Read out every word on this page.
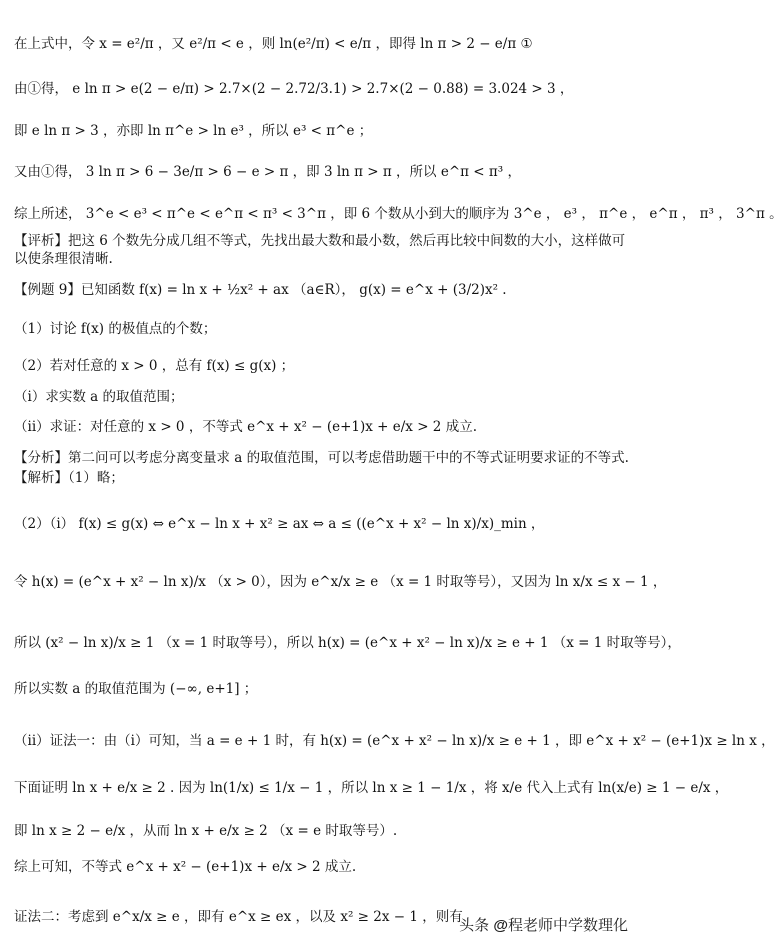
在上式中，令 x = e²/π ，又 e²/π < e ，则 ln(e²/π) < e/π ，即得 ln π > 2 − e/π ①
由①得， e ln π > e(2 − e/π) > 2.7×(2 − 2.72/3.1) > 2.7×(2 − 0.88) = 3.024 > 3 ，
即 e ln π > 3 ，亦即 ln π^e > ln e³ ，所以 e³ < π^e ；
又由①得， 3 ln π > 6 − 3e/π > 6 − e > π ，即 3 ln π > π ，所以 e^π < π³ ，
综上所述， 3^e < e³ < π^e < e^π < π³ < 3^π ，即 6 个数从小到大的顺序为 3^e ， e³ ， π^e ， e^π ， π³ ， 3^π 。
【评析】把这 6 个数先分成几组不等式，先找出最大数和最小数，然后再比较中间数的大小，这样做可以使条理很清晰.
【例题 9】已知函数 f(x) = ln x + ½x² + ax （a∈R）， g(x) = e^x + (3/2)x² .
（1）讨论 f(x) 的极值点的个数；
（2）若对任意的 x > 0 ，总有 f(x) ≤ g(x) ；
（i）求实数 a 的取值范围；
（ii）求证：对任意的 x > 0 ，不等式 e^x + x² − (e+1)x + e/x > 2 成立.
【分析】第二问可以考虑分离变量求 a 的取值范围，可以考虑借助题干中的不等式证明要求证的不等式.
【解析】（1）略；
（2）（i） f(x) ≤ g(x) ⇔ e^x − ln x + x² ≥ ax ⇔ a ≤ ((e^x + x² − ln x)/x)_min ，
令 h(x) = (e^x + x² − ln x)/x （x > 0），因为 e^x/x ≥ e （x = 1 时取等号），又因为 ln x/x ≤ x − 1 ，
所以 (x² − ln x)/x ≥ 1 （x = 1 时取等号），所以 h(x) = (e^x + x² − ln x)/x ≥ e + 1 （x = 1 时取等号），
所以实数 a 的取值范围为 (−∞, e+1] ；
（ii）证法一：由（i）可知，当 a = e + 1 时，有 h(x) = (e^x + x² − ln x)/x ≥ e + 1 ，即 e^x + x² − (e+1)x ≥ ln x ，
下面证明 ln x + e/x ≥ 2 . 因为 ln(1/x) ≤ 1/x − 1 ，所以 ln x ≥ 1 − 1/x ，将 x/e 代入上式有 ln(x/e) ≥ 1 − e/x ，
即 ln x ≥ 2 − e/x ，从而 ln x + e/x ≥ 2 （x = e 时取等号）.
综上可知，不等式 e^x + x² − (e+1)x + e/x > 2 成立.
证法二：考虑到 e^x/x ≥ e ，即有 e^x ≥ ex ，以及 x² ≥ 2x − 1 ，则有
头条 @程老师中学数理化
